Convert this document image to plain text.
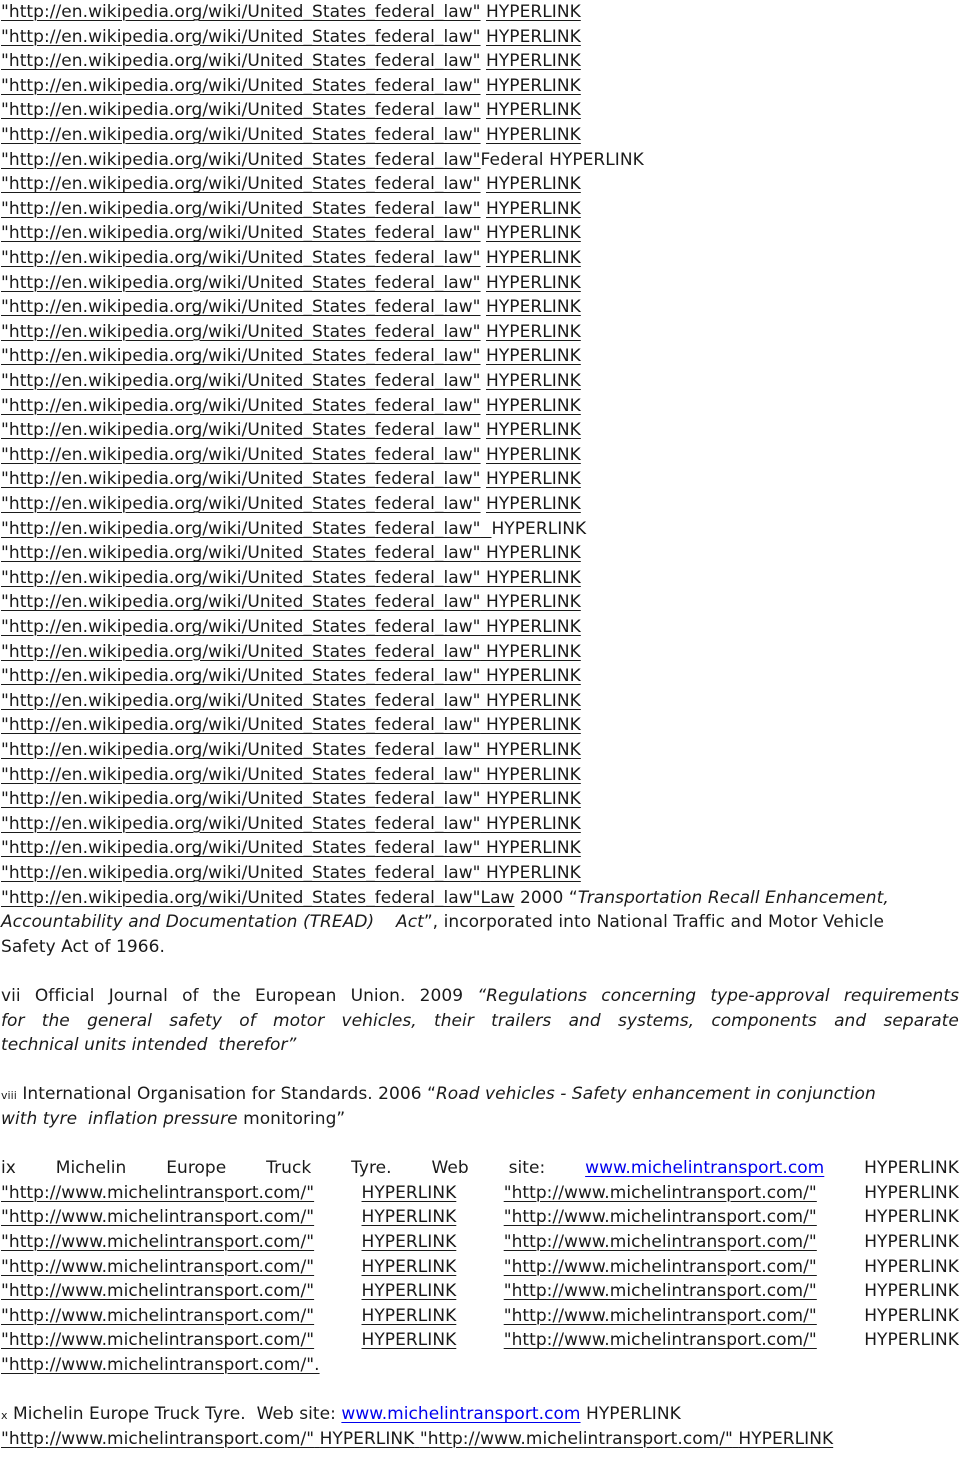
"http://en.wikipedia.org/wiki/United_States_federal_law" HYPERLINK
"http://en.wikipedia.org/wiki/United_States_federal_law" HYPERLINK
"http://en.wikipedia.org/wiki/United_States_federal_law" HYPERLINK
"http://en.wikipedia.org/wiki/United_States_federal_law" HYPERLINK
"http://en.wikipedia.org/wiki/United_States_federal_law" HYPERLINK
"http://en.wikipedia.org/wiki/United_States_federal_law" HYPERLINK
"http://en.wikipedia.org/wiki/United_States_federal_law"Federal HYPERLINK
"http://en.wikipedia.org/wiki/United_States_federal_law" HYPERLINK
"http://en.wikipedia.org/wiki/United_States_federal_law" HYPERLINK
"http://en.wikipedia.org/wiki/United_States_federal_law" HYPERLINK
"http://en.wikipedia.org/wiki/United_States_federal_law" HYPERLINK
"http://en.wikipedia.org/wiki/United_States_federal_law" HYPERLINK
"http://en.wikipedia.org/wiki/United_States_federal_law" HYPERLINK
"http://en.wikipedia.org/wiki/United_States_federal_law" HYPERLINK
"http://en.wikipedia.org/wiki/United_States_federal_law" HYPERLINK
"http://en.wikipedia.org/wiki/United_States_federal_law" HYPERLINK
"http://en.wikipedia.org/wiki/United_States_federal_law" HYPERLINK
"http://en.wikipedia.org/wiki/United_States_federal_law" HYPERLINK
"http://en.wikipedia.org/wiki/United_States_federal_law" HYPERLINK
"http://en.wikipedia.org/wiki/United_States_federal_law" HYPERLINK
"http://en.wikipedia.org/wiki/United_States_federal_law" HYPERLINK
"http://en.wikipedia.org/wiki/United_States_federal_law" HYPERLINK
"http://en.wikipedia.org/wiki/United_States_federal_law" HYPERLINK
"http://en.wikipedia.org/wiki/United_States_federal_law" HYPERLINK
"http://en.wikipedia.org/wiki/United_States_federal_law" HYPERLINK
"http://en.wikipedia.org/wiki/United_States_federal_law" HYPERLINK
"http://en.wikipedia.org/wiki/United_States_federal_law" HYPERLINK
"http://en.wikipedia.org/wiki/United_States_federal_law" HYPERLINK
"http://en.wikipedia.org/wiki/United_States_federal_law" HYPERLINK
"http://en.wikipedia.org/wiki/United_States_federal_law" HYPERLINK
"http://en.wikipedia.org/wiki/United_States_federal_law" HYPERLINK
"http://en.wikipedia.org/wiki/United_States_federal_law" HYPERLINK
"http://en.wikipedia.org/wiki/United_States_federal_law" HYPERLINK
"http://en.wikipedia.org/wiki/United_States_federal_law" HYPERLINK
"http://en.wikipedia.org/wiki/United_States_federal_law" HYPERLINK
"http://en.wikipedia.org/wiki/United_States_federal_law" HYPERLINK
"http://en.wikipedia.org/wiki/United_States_federal_law"Law 2000 “Transportation Recall Enhancement,
Accountability and Documentation (TREAD)    Act”, incorporated into National Traffic and Motor Vehicle
Safety Act of 1966.
vii Official Journal of the European Union. 2009 “Regulations concerning type-approval requirements
for the general safety of motor vehicles, their trailers and systems, components and separate
technical units intended  therefor”
viii International Organisation for Standards. 2006 “Road vehicles - Safety enhancement in conjunction
with tyre  inflation pressure monitoring”
ix Michelin Europe Truck Tyre. Web site: www.michelintransport.com HYPERLINK
"http://www.michelintransport.com/"	HYPERLINK	"http://www.michelintransport.com/"	HYPERLINK
"http://www.michelintransport.com/"	HYPERLINK	"http://www.michelintransport.com/"	HYPERLINK
"http://www.michelintransport.com/"	HYPERLINK	"http://www.michelintransport.com/"	HYPERLINK
"http://www.michelintransport.com/"	HYPERLINK	"http://www.michelintransport.com/"	HYPERLINK
"http://www.michelintransport.com/"	HYPERLINK	"http://www.michelintransport.com/"	HYPERLINK
"http://www.michelintransport.com/"	HYPERLINK	"http://www.michelintransport.com/"	HYPERLINK
"http://www.michelintransport.com/"	HYPERLINK	"http://www.michelintransport.com/"	HYPERLINK
"http://www.michelintransport.com/".
x Michelin Europe Truck Tyre.  Web site: www.michelintransport.com HYPERLINK
"http://www.michelintransport.com/" HYPERLINK "http://www.michelintransport.com/" HYPERLINK
